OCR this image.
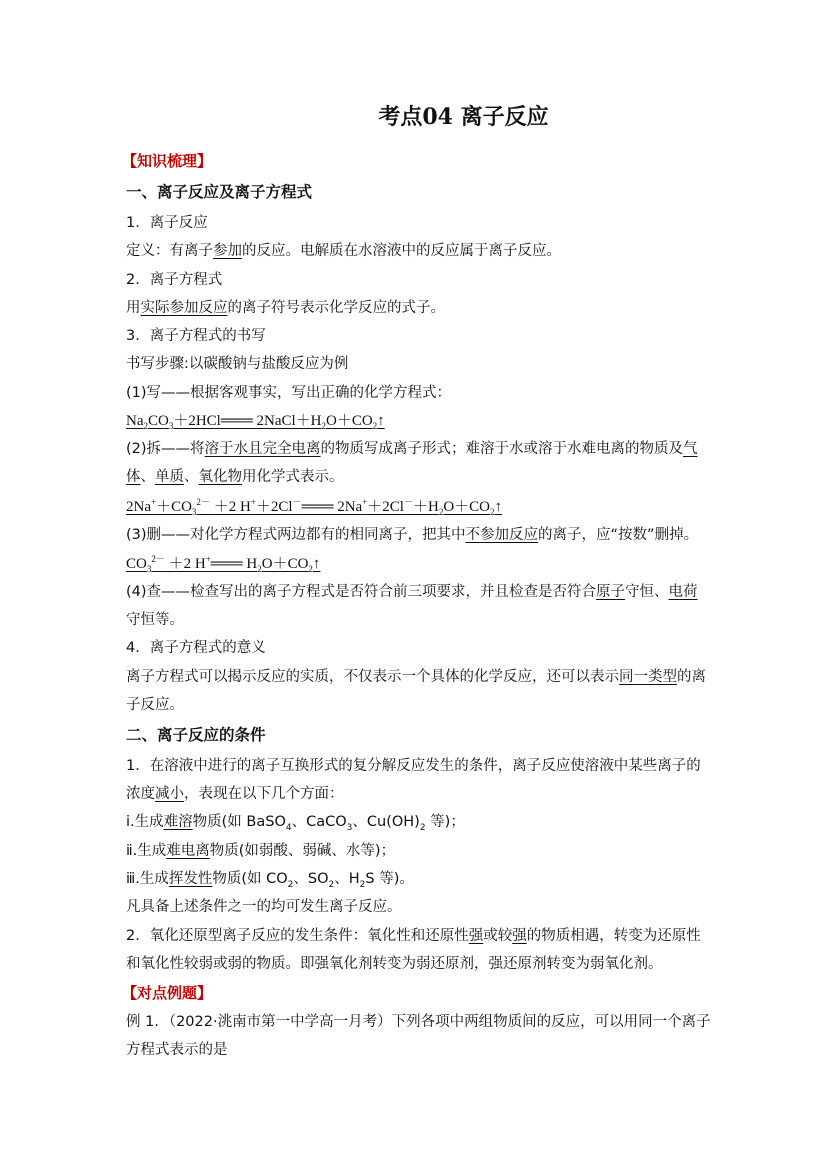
考点04 离子反应
【知识梳理】
一、离子反应及离子方程式
1．离子反应
定义：有离子参加的反应。电解质在水溶液中的反应属于离子反应。
2．离子方程式
用实际参加反应的离子符号表示化学反应的式子。
3．离子方程式的书写
书写步骤:以碳酸钠与盐酸反应为例
(1)写——根据客观事实，写出正确的化学方程式：
$Na_2CO_3+2HCl═══$ $2NaCl+H_2O+CO_2↑$
(2)拆——将溶于水且完全电离的物质写成离子形式；难溶于水或溶于水难电离的物质及气
体、单质、氧化物用化学式表示。
$2Na^++CO_3^{2-} +2$ H+＋2Cl－═══ $2Na^++2Cl^-+H_2O+CO_2↑$
(3)删——对化学方程式两边都有的相同离子，把其中不参加反应的离子，应“按数”删掉。
$CO_3^{2-} +2$ H+═══ $H_2O+CO_2↑$
(4)查——检查写出的离子方程式是否符合前三项要求，并且检查是否符合原子守恒、电荷
守恒等。
4．离子方程式的意义
离子方程式可以揭示反应的实质，不仅表示一个具体的化学反应，还可以表示同一类型的离
子反应。
二、离子反应的条件
1．在溶液中进行的离子互换形式的复分解反应发生的条件，离子反应使溶液中某些离子的
浓度减小，表现在以下几个方面：
ⅰ.生成难溶物质(如 BaSO$_4$、CaCO$_3$、$Cu(OH)_2$ 等)；
ⅱ.生成难电离物质(如弱酸、弱碱、水等)；
ⅲ.生成挥发性物质(如 $CO_2$、$SO_2$、$H_2S$ 等)。
凡具备上述条件之一的均可发生离子反应。
2．氧化还原型离子反应的发生条件：氧化性和还原性强或较强的物质相遇，转变为还原性
和氧化性较弱或弱的物质。即强氧化剂转变为弱还原剂，强还原剂转变为弱氧化剂。
【对点例题】
例 1．（2022·洮南市第一中学高一月考）下列各项中两组物质间的反应，可以用同一个离子
方程式表示的是
